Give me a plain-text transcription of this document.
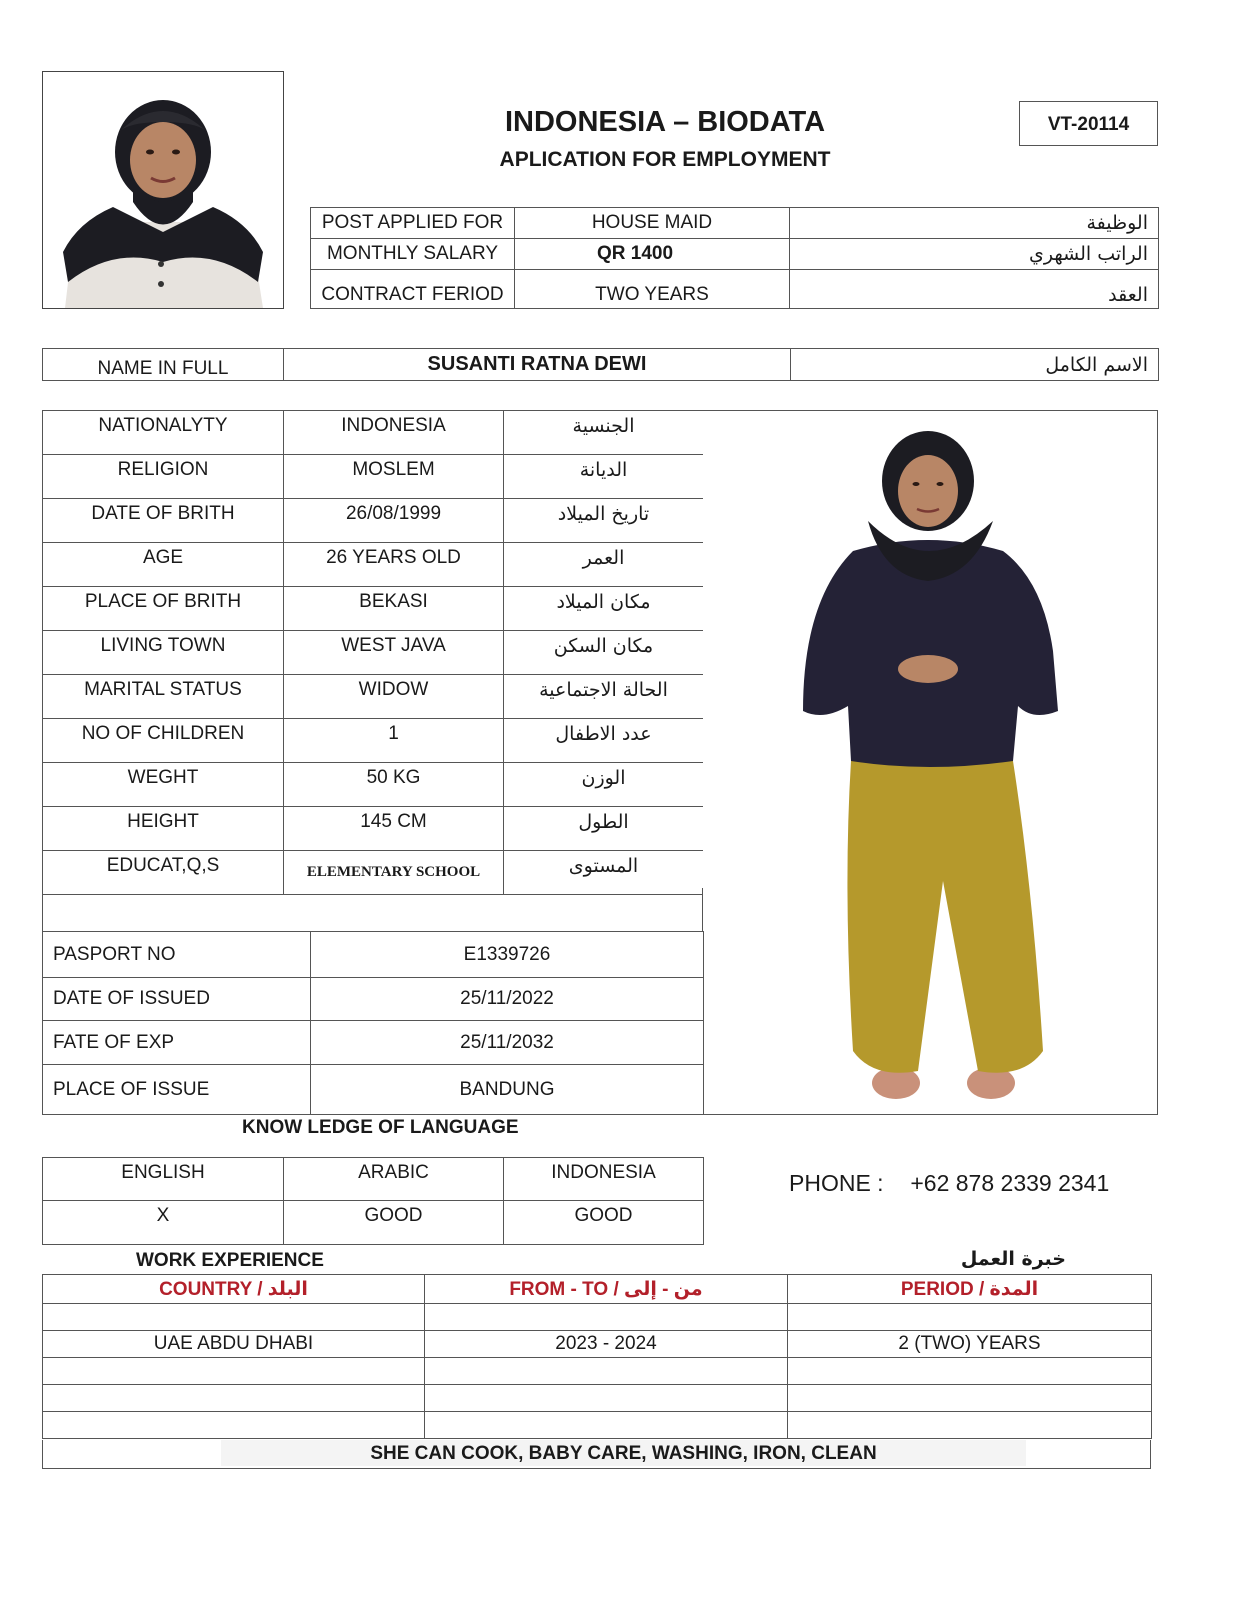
INDONESIA – BIODATA
APLICATION FOR EMPLOYMENT
VT-20114
POST APPLIED FOR	HOUSE MAID	الوظيفة
MONTHLY SALARY	QR 1400	الراتب الشهري
CONTRACT FERIOD	TWO YEARS	العقد
NAME IN FULL	SUSANTI RATNA DEWI	الاسم الكامل
NATIONALYTY	INDONESIA	الجنسية
RELIGION	MOSLEM	الديانة
DATE OF BRITH	26/08/1999	تاريخ الميلاد
AGE	26 YEARS OLD	العمر
PLACE OF BRITH	BEKASI	مكان الميلاد
LIVING TOWN	WEST JAVA	مكان السكن
MARITAL STATUS	WIDOW	الحالة الاجتماعية
NO OF CHILDREN	1	عدد الاطفال
WEGHT	50 KG	الوزن
HEIGHT	145 CM	الطول
EDUCAT,Q,S	ELEMENTARY SCHOOL	المستوى
PASPORT NO	E1339726
DATE OF ISSUED	25/11/2022
FATE OF EXP	25/11/2032
PLACE OF ISSUE	BANDUNG
KNOW LEDGE OF LANGUAGE
ENGLISH	ARABIC	INDONESIA
X	GOOD	GOOD
PHONE : +62 878 2339 2341
WORK EXPERIENCE	خبرة العمل
COUNTRY / البلد	FROM - TO / من - إلى	PERIOD / المدة

UAE ABDU DHABI	2023 - 2024	2 (TWO) YEARS

SHE CAN COOK, BABY CARE, WASHING, IRON, CLEAN
